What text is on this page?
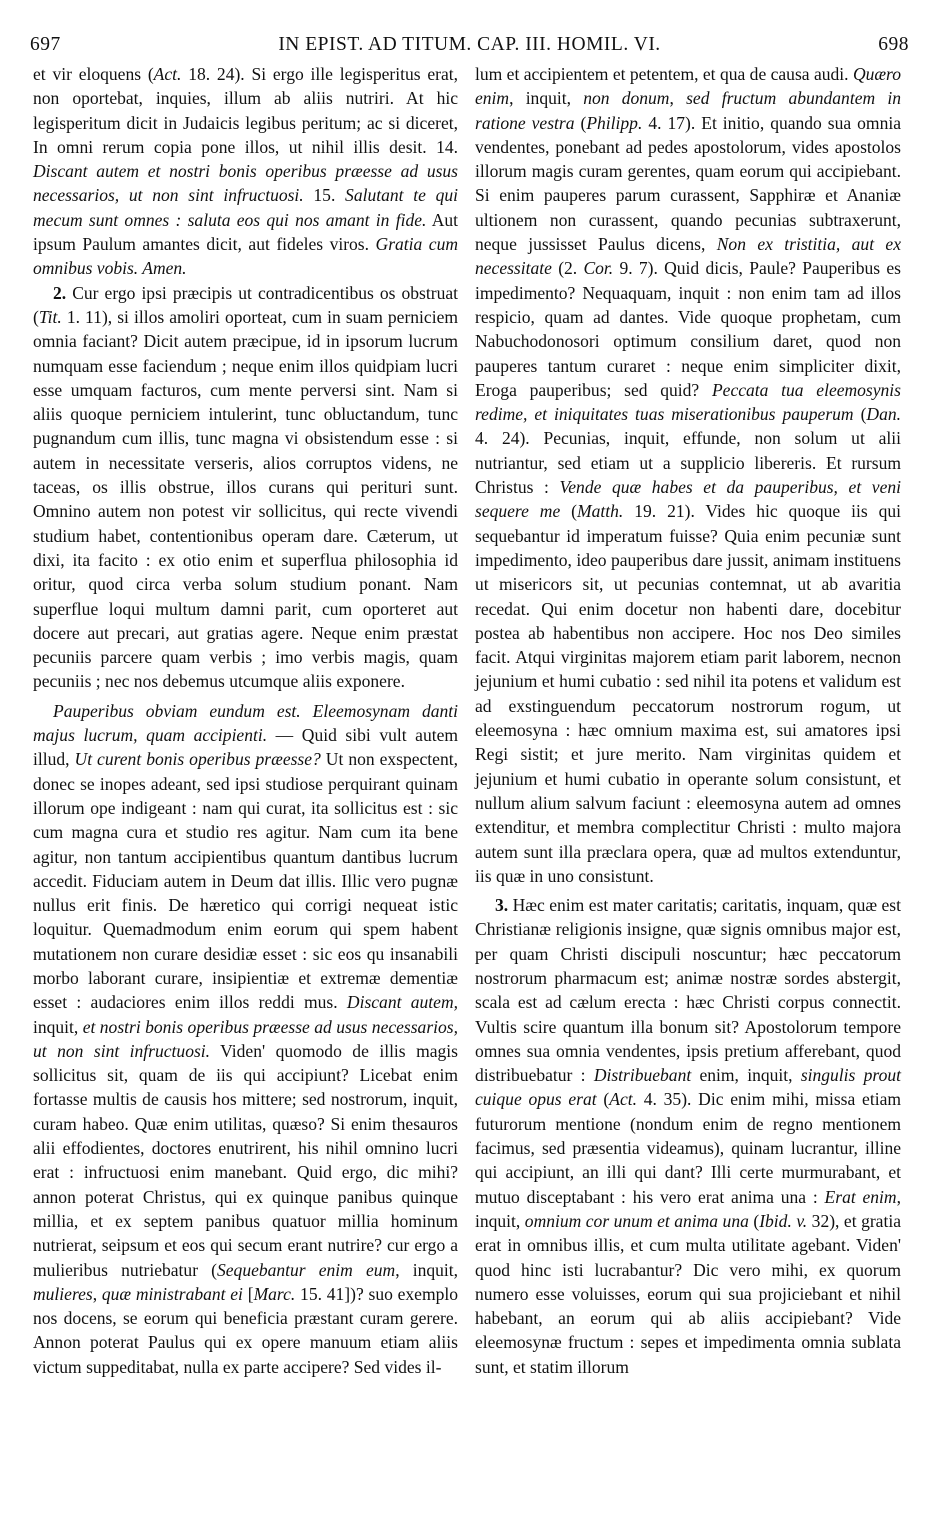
697	IN EPIST. AD TITUM. CAP. III. HOMIL. VI.	698

et vir eloquens (Act. 18. 24). Si ergo ille legisperitus erat, non oportebat, inquies, illum ab aliis nutriri. At hic legisperitum dicit in Judaicis legibus peritum; ac si diceret, In omni rerum copia pone illos, ut nihil illis desit. 14. Discant autem et nostri bonis operibus præesse ad usus necessarios, ut non sint infructuosi. 15. Salutant te qui mecum sunt omnes : saluta eos qui nos amant in fide. Aut ipsum Paulum amantes dicit, aut fideles viros. Gratia cum omnibus vobis. Amen.

2. Cur ergo ipsi præcipis ut contradicentibus os obstruat (Tit. 1. 11), si illos amoliri oporteat, cum in suam perniciem omnia faciant? Dicit autem præcipue, id in ipsorum lucrum numquam esse faciendum ; neque enim illos quidpiam lucri esse umquam facturos, cum mente perversi sint. Nam si aliis quoque perniciem intulerint, tunc obluctandum, tunc pugnandum cum illis, tunc magna vi obsistendum esse : si autem in necessitate verseris, alios corruptos videns, ne taceas, os illis obstrue, illos curans qui perituri sunt. Omnino autem non potest vir sollicitus, qui recte vivendi studium habet, contentionibus operam dare. Cæterum, ut dixi, ita facito : ex otio enim et superflua philosophia id oritur, quod circa verba solum studium ponant. Nam superflue loqui multum damni parit, cum oporteret aut docere aut precari, aut gratias agere. Neque enim præstat pecuniis parcere quam verbis ; imo verbis magis, quam pecuniis ; nec nos debemus utcumque aliis exponere.

Pauperibus obviam eundum est. Eleemosynam danti majus lucrum, quam accipienti. — Quid sibi vult autem illud, Ut curent bonis operibus præesse? Ut non exspectent, donec se inopes adeant, sed ipsi studiose perquirant quinam illorum ope indigeant : nam qui curat, ita sollicitus est : sic cum magna cura et studio res agitur. Nam cum ita bene agitur, non tantum accipientibus quantum dantibus lucrum accedit. Fiduciam autem in Deum dat illis. Illic vero pugnæ nullus erit finis. De hæretico qui corrigi nequeat istic loquitur. Quemadmodum enim eorum qui spem habent mutationem non curare desidiæ esset : sic eos qu insanabili morbo laborant curare, insipientiæ et extremæ dementiæ esset : audaciores enim illos reddi mus. Discant autem, inquit, et nostri bonis operibus præesse ad usus necessarios, ut non sint infructuosi. Viden' quomodo de illis magis sollicitus sit, quam de iis qui accipiunt? Licebat enim fortasse multis de causis hos mittere; sed nostrorum, inquit, curam habeo. Quæ enim utilitas, quæso? Si enim thesauros alii effodientes, doctores enutrirent, his nihil omnino lucri erat : infructuosi enim manebant. Quid ergo, dic mihi? annon poterat Christus, qui ex quinque panibus quinque millia, et ex septem panibus quatuor millia hominum nutrierat, seipsum et eos qui secum erant nutrire? cur ergo a mulieribus nutriebatur (Sequebantur enim eum, inquit, mulieres, quæ ministrabant ei [Marc. 15. 41])? suo exemplo nos docens, se eorum qui beneficia præstant curam gerere. Annon poterat Paulus qui ex opere manuum etiam aliis victum suppeditabat, nulla ex parte accipere? Sed vides il-

lum et accipientem et petentem, et qua de causa audi. Quæro enim, inquit, non donum, sed fructum abundantem in ratione vestra (Philipp. 4. 17). Et initio, quando sua omnia vendentes, ponebant ad pedes apostolorum, vides apostolos illorum magis curam gerentes, quam eorum qui accipiebant. Si enim pauperes parum curassent, Sapphiræ et Ananiæ ultionem non curassent, quando pecunias subtraxerunt, neque jussisset Paulus dicens, Non ex tristitia, aut ex necessitate (2. Cor. 9. 7). Quid dicis, Paule? Pauperibus es impedimento? Nequaquam, inquit : non enim tam ad illos respicio, quam ad dantes. Vide quoque prophetam, cum Nabuchodonosori optimum consilium daret, quod non pauperes tantum curaret : neque enim simpliciter dixit, Eroga pauperibus; sed quid? Peccata tua eleemosynis redime, et iniquitates tuas miserationibus pauperum (Dan. 4. 24). Pecunias, inquit, effunde, non solum ut alii nutriantur, sed etiam ut a supplicio libereris. Et rursum Christus : Vende quæ habes et da pauperibus, et veni sequere me (Matth. 19. 21). Vides hic quoque iis qui sequebantur id imperatum fuisse? Quia enim pecuniæ sunt impedimento, ideo pauperibus dare jussit, animam instituens ut misericors sit, ut pecunias contemnat, ut ab avaritia recedat. Qui enim docetur non habenti dare, docebitur postea ab habentibus non accipere. Hoc nos Deo similes facit. Atqui virginitas majorem etiam parit laborem, necnon jejunium et humi cubatio : sed nihil ita potens et validum est ad exstinguendum peccatorum nostrorum rogum, ut eleemosyna : hæc omnium maxima est, sui amatores ipsi Regi sistit; et jure merito. Nam virginitas quidem et jejunium et humi cubatio in operante solum consistunt, et nullum alium salvum faciunt : eleemosyna autem ad omnes extenditur, et membra complectitur Christi : multo majora autem sunt illa præclara opera, quæ ad multos extenduntur, iis quæ in uno consistunt.

3. Hæc enim est mater caritatis; caritatis, inquam, quæ est Christianæ religionis insigne, quæ signis omnibus major est, per quam Christi discipuli noscuntur; hæc peccatorum nostrorum pharmacum est; animæ nostræ sordes abstergit, scala est ad cælum erecta : hæc Christi corpus connectit. Vultis scire quantum illa bonum sit? Apostolorum tempore omnes sua omnia vendentes, ipsis pretium afferebant, quod distribuebatur : Distribuebant enim, inquit, singulis prout cuique opus erat (Act. 4. 35). Dic enim mihi, missa etiam futurorum mentione (nondum enim de regno mentionem facimus, sed præsentia videamus), quinam lucrantur, illine qui accipiunt, an illi qui dant? Illi certe murmurabant, et mutuo disceptabant : his vero erat anima una : Erat enim, inquit, omnium cor unum et anima una (Ibid. v. 32), et gratia erat in omnibus illis, et cum multa utilitate agebant. Viden' quod hinc isti lucrabantur? Dic vero mihi, ex quorum numero esse voluisses, eorum qui sua projiciebant et nihil habebant, an eorum qui ab aliis accipiebant? Vide eleemosynæ fructum : sepes et impedimenta omnia sublata sunt, et statim illorum
